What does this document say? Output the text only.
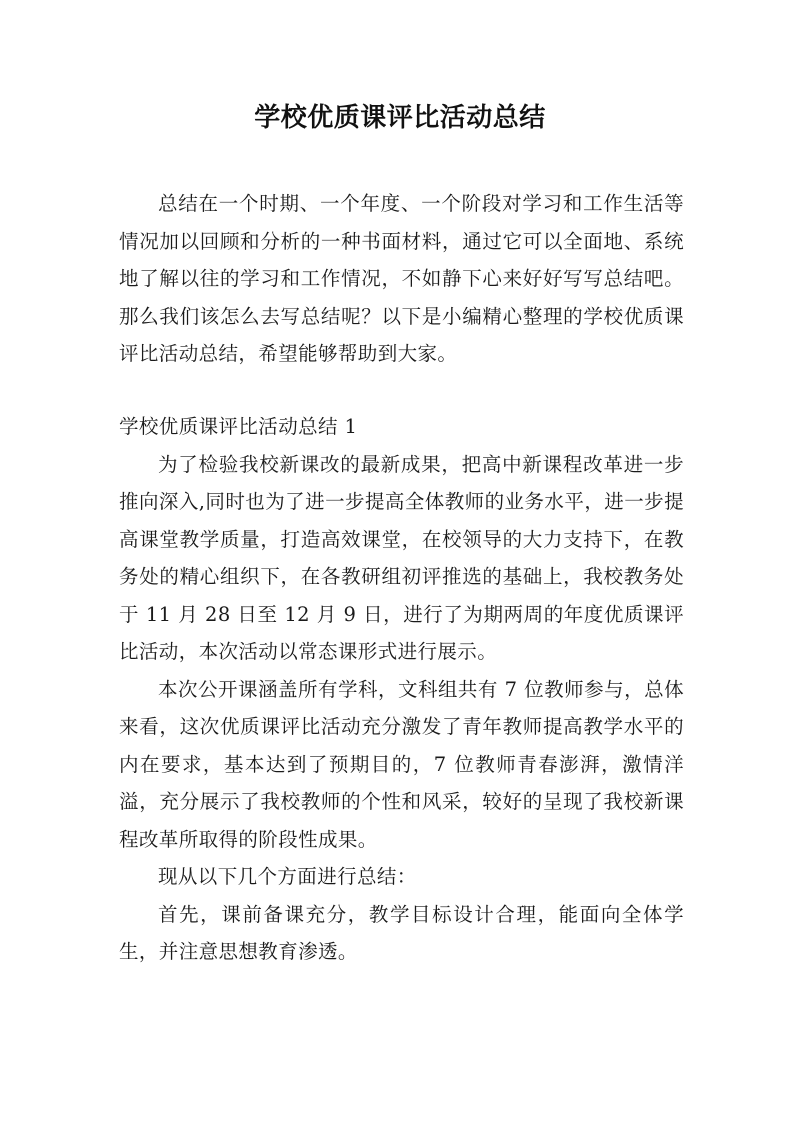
学校优质课评比活动总结

总结在一个时期、一个年度、一个阶段对学习和工作生活等情况加以回顾和分析的一种书面材料，通过它可以全面地、系统地了解以往的学习和工作情况，不如静下心来好好写写总结吧。那么我们该怎么去写总结呢？以下是小编精心整理的学校优质课评比活动总结，希望能够帮助到大家。

学校优质课评比活动总结 1

为了检验我校新课改的最新成果，把高中新课程改革进一步推向深入,同时也为了进一步提高全体教师的业务水平，进一步提高课堂教学质量，打造高效课堂，在校领导的大力支持下，在教务处的精心组织下，在各教研组初评推选的基础上，我校教务处于 11 月 28 日至 12 月 9 日，进行了为期两周的年度优质课评比活动，本次活动以常态课形式进行展示。

本次公开课涵盖所有学科，文科组共有 7 位教师参与，总体来看，这次优质课评比活动充分激发了青年教师提高教学水平的内在要求，基本达到了预期目的，7 位教师青春澎湃，激情洋溢，充分展示了我校教师的个性和风采，较好的呈现了我校新课程改革所取得的阶段性成果。

现从以下几个方面进行总结：

首先，课前备课充分，教学目标设计合理，能面向全体学生，并注意思想教育渗透。
